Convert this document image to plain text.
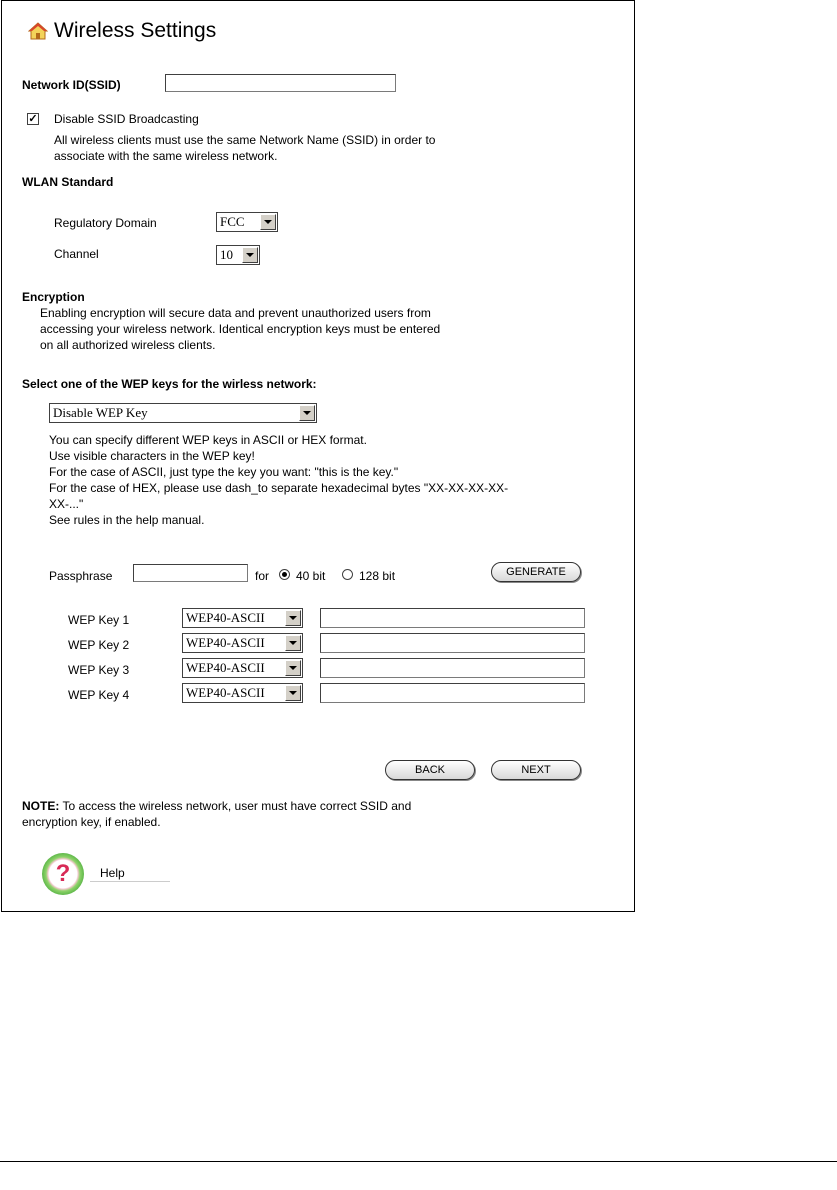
Wireless Settings
Network ID(SSID)
✓ Disable SSID Broadcasting
All wireless clients must use the same Network Name (SSID) in order to
associate with the same wireless network.
WLAN Standard
Regulatory Domain	FCC
Channel	10
Encryption
Enabling encryption will secure data and prevent unauthorized users from
accessing your wireless network. Identical encryption keys must be entered
on all authorized wireless clients.
Select one of the WEP keys for the wirless network:
Disable WEP Key
You can specify different WEP keys in ASCII or HEX format.
Use visible characters in the WEP key!
For the case of ASCII, just type the key you want: "this is the key."
For the case of HEX, please use dash_to separate hexadecimal bytes "XX-XX-XX-XX-
XX-..."
See rules in the help manual.
Passphrase	for 40 bit	128 bit	GENERATE
WEP Key 1	WEP40-ASCII
WEP Key 2	WEP40-ASCII
WEP Key 3	WEP40-ASCII
WEP Key 4	WEP40-ASCII
BACK	NEXT
NOTE: To access the wireless network, user must have correct SSID and
encryption key, if enabled.
?	Help
